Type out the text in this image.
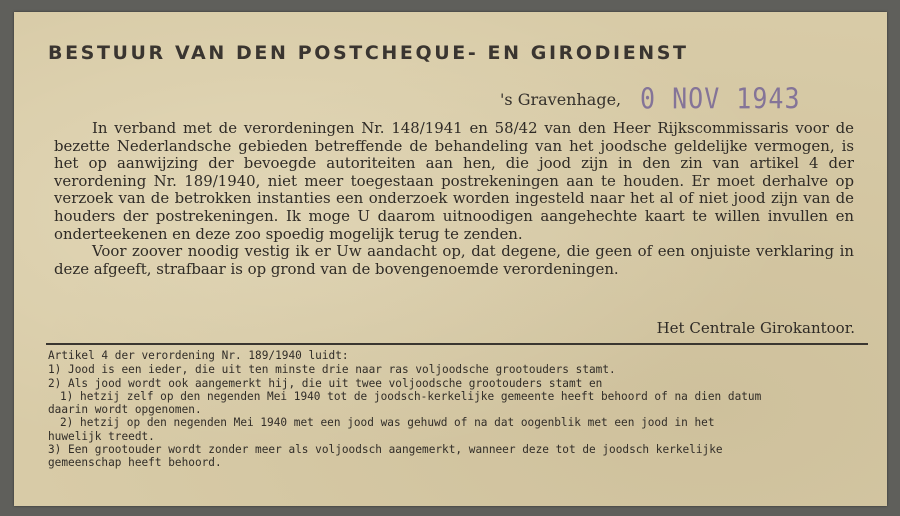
BESTUUR VAN DEN POSTCHEQUE- EN GIRODIENST
's Gravenhage, 0 NOV 1943

In verband met de verordeningen Nr. 148/1941 en 58/42 van den Heer Rijkscommissaris voor de bezette Nederlandsche gebieden betreffende de behandeling van het joodsche geldelijke vermogen, is het op aanwijzing der bevoegde autoriteiten aan hen, die jood zijn in den zin van artikel 4 der verordening Nr. 189/1940, niet meer toegestaan postrekeningen aan te houden. Er moet derhalve op verzoek van de betrokken instanties een onderzoek worden ingesteld naar het al of niet jood zijn van de houders der postrekeningen. Ik moge U daarom uitnoodigen aangehechte kaart te willen invullen en onderteekenen en deze zoo spoedig mogelijk terug te zenden.

Voor zoover noodig vestig ik er Uw aandacht op, dat degene, die geen of een onjuiste verklaring in deze afgeeft, strafbaar is op grond van de bovengenoemde verordeningen.

Het Centrale Girokantoor.
Artikel 4 der verordening Nr. 189/1940 luidt:
1) Jood is een ieder, die uit ten minste drie naar ras voljoodsche grootouders stamt.
2) Als jood wordt ook aangemerkt hij, die uit twee voljoodsche grootouders stamt en
1) hetzij zelf op den negenden Mei 1940 tot de joodsch-kerkelijke gemeente heeft behoord of na dien datum
daarin wordt opgenomen.
2) hetzij op den negenden Mei 1940 met een jood was gehuwd of na dat oogenblik met een jood in het
huwelijk treedt.
3) Een grootouder wordt zonder meer als voljoodsch aangemerkt, wanneer deze tot de joodsch kerkelijke
gemeenschap heeft behoord.
